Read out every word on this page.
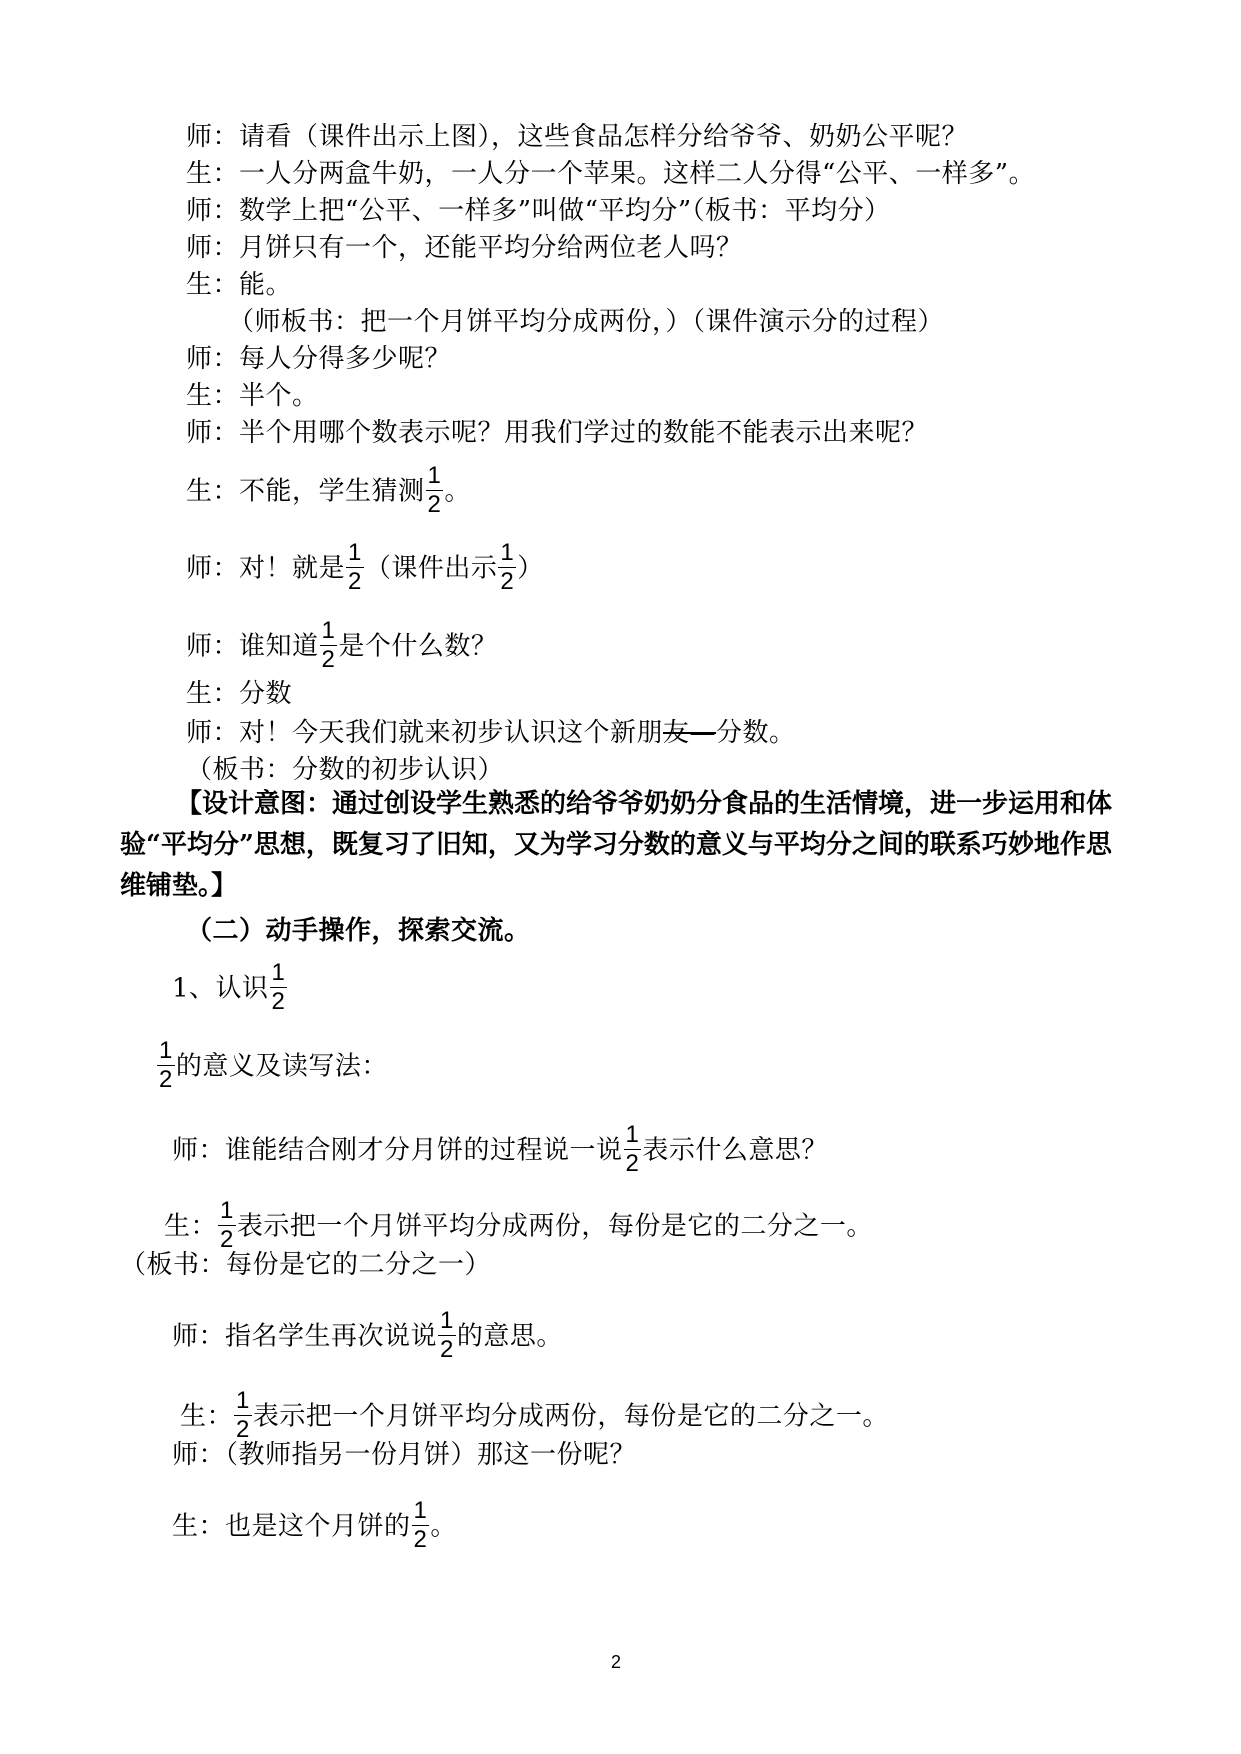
师：请看（课件出示上图），这些食品怎样分给爷爷、奶奶公平呢？
生：一人分两盒牛奶，一人分一个苹果。这样二人分得“公平、一样多”。
师：数学上把“公平、一样多”叫做“平均分”（板书：平均分）
师：月饼只有一个，还能平均分给两位老人吗？
生：能。
（师板书：把一个月饼平均分成两份，）（课件演示分的过程）
师：每人分得多少呢？
生：半个。
师：半个用哪个数表示呢？用我们学过的数能不能表示出来呢？
生：不能，学生猜测 $\frac{1}{2}$ 。
师：对！就是 $\frac{1}{2}$ （课件出示 $\frac{1}{2}$ ）
师：谁知道 $\frac{1}{2}$ 是个什么数？
生：分数
师：对！今天我们就来初步认识这个新朋友—分数。
（板书：分数的初步认识）
【设计意图：通过创设学生熟悉的给爷爷奶奶分食品的生活情境，进一步运用和体验“平均分”思想，既复习了旧知，又为学习分数的意义与平均分之间的联系巧妙地作思维铺垫。】
（二）动手操作，探索交流。
1、认识 $\frac{1}{2}$
$\frac{1}{2}$ 的意义及读写法：
师：谁能结合刚才分月饼的过程说一说 $\frac{1}{2}$ 表示什么意思？
生： $\frac{1}{2}$ 表示把一个月饼平均分成两份，每份是它的二分之一。
（板书：每份是它的二分之一）
师：指名学生再次说说 $\frac{1}{2}$ 的意思。
生： $\frac{1}{2}$ 表示把一个月饼平均分成两份，每份是它的二分之一。
师：（教师指另一份月饼）那这一份呢？
生：也是这个月饼的 $\frac{1}{2}$ 。
2
